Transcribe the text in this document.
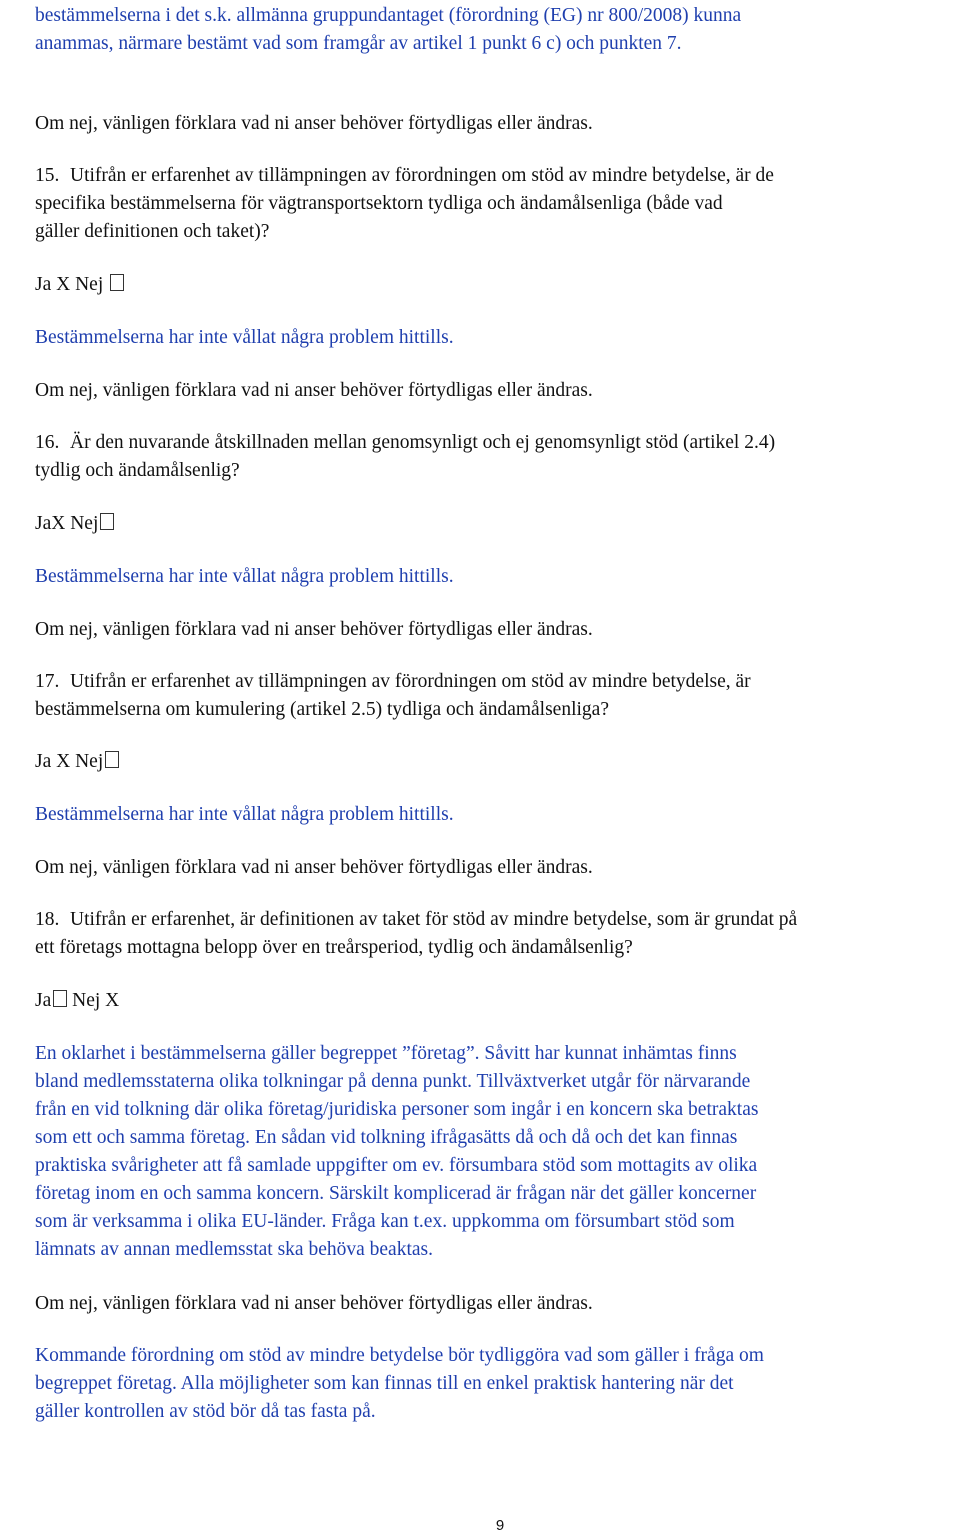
bestämmelserna i det s.k. allmänna gruppundantaget (förordning (EG) nr 800/2008) kunna

anammas, närmare bestämt vad som framgår av artikel 1 punkt 6 c) och punkten 7.

Om nej, vänligen förklara vad ni anser behöver förtydligas eller ändras.

15. Utifrån er erfarenhet av tillämpningen av förordningen om stöd av mindre betydelse, är de

specifika bestämmelserna för vägtransportsektorn tydliga och ändamålsenliga (både vad

gäller definitionen och taket)?

Ja X Nej

Bestämmelserna har inte vållat några problem hittills.

Om nej, vänligen förklara vad ni anser behöver förtydligas eller ändras.

16. Är den nuvarande åtskillnaden mellan genomsynligt och ej genomsynligt stöd (artikel 2.4)

tydlig och ändamålsenlig?

JaX Nej

Bestämmelserna har inte vållat några problem hittills.

Om nej, vänligen förklara vad ni anser behöver förtydligas eller ändras.

17. Utifrån er erfarenhet av tillämpningen av förordningen om stöd av mindre betydelse, är

bestämmelserna om kumulering (artikel 2.5) tydliga och ändamålsenliga?

Ja X Nej

Bestämmelserna har inte vållat några problem hittills.

Om nej, vänligen förklara vad ni anser behöver förtydligas eller ändras.

18. Utifrån er erfarenhet, är definitionen av taket för stöd av mindre betydelse, som är grundat på

ett företags mottagna belopp över en treårsperiod, tydlig och ändamålsenlig?

Ja Nej X

En oklarhet i bestämmelserna gäller begreppet ”företag”. Såvitt har kunnat inhämtas finns

bland medlemsstaterna olika tolkningar på denna punkt. Tillväxtverket utgår för närvarande

från en vid tolkning där olika företag/juridiska personer som ingår i en koncern ska betraktas

som ett och samma företag. En sådan vid tolkning ifrågasätts då och då och det kan finnas

praktiska svårigheter att få samlade uppgifter om ev. försumbara stöd som mottagits av olika

företag inom en och samma koncern. Särskilt komplicerad är frågan när det gäller koncerner

som är verksamma i olika EU-länder. Fråga kan t.ex. uppkomma om försumbart stöd som

lämnats av annan medlemsstat ska behöva beaktas.

Om nej, vänligen förklara vad ni anser behöver förtydligas eller ändras.

Kommande förordning om stöd av mindre betydelse bör tydliggöra vad som gäller i fråga om

begreppet företag. Alla möjligheter som kan finnas till en enkel praktisk hantering när det

gäller kontrollen av stöd bör då tas fasta på.

9
